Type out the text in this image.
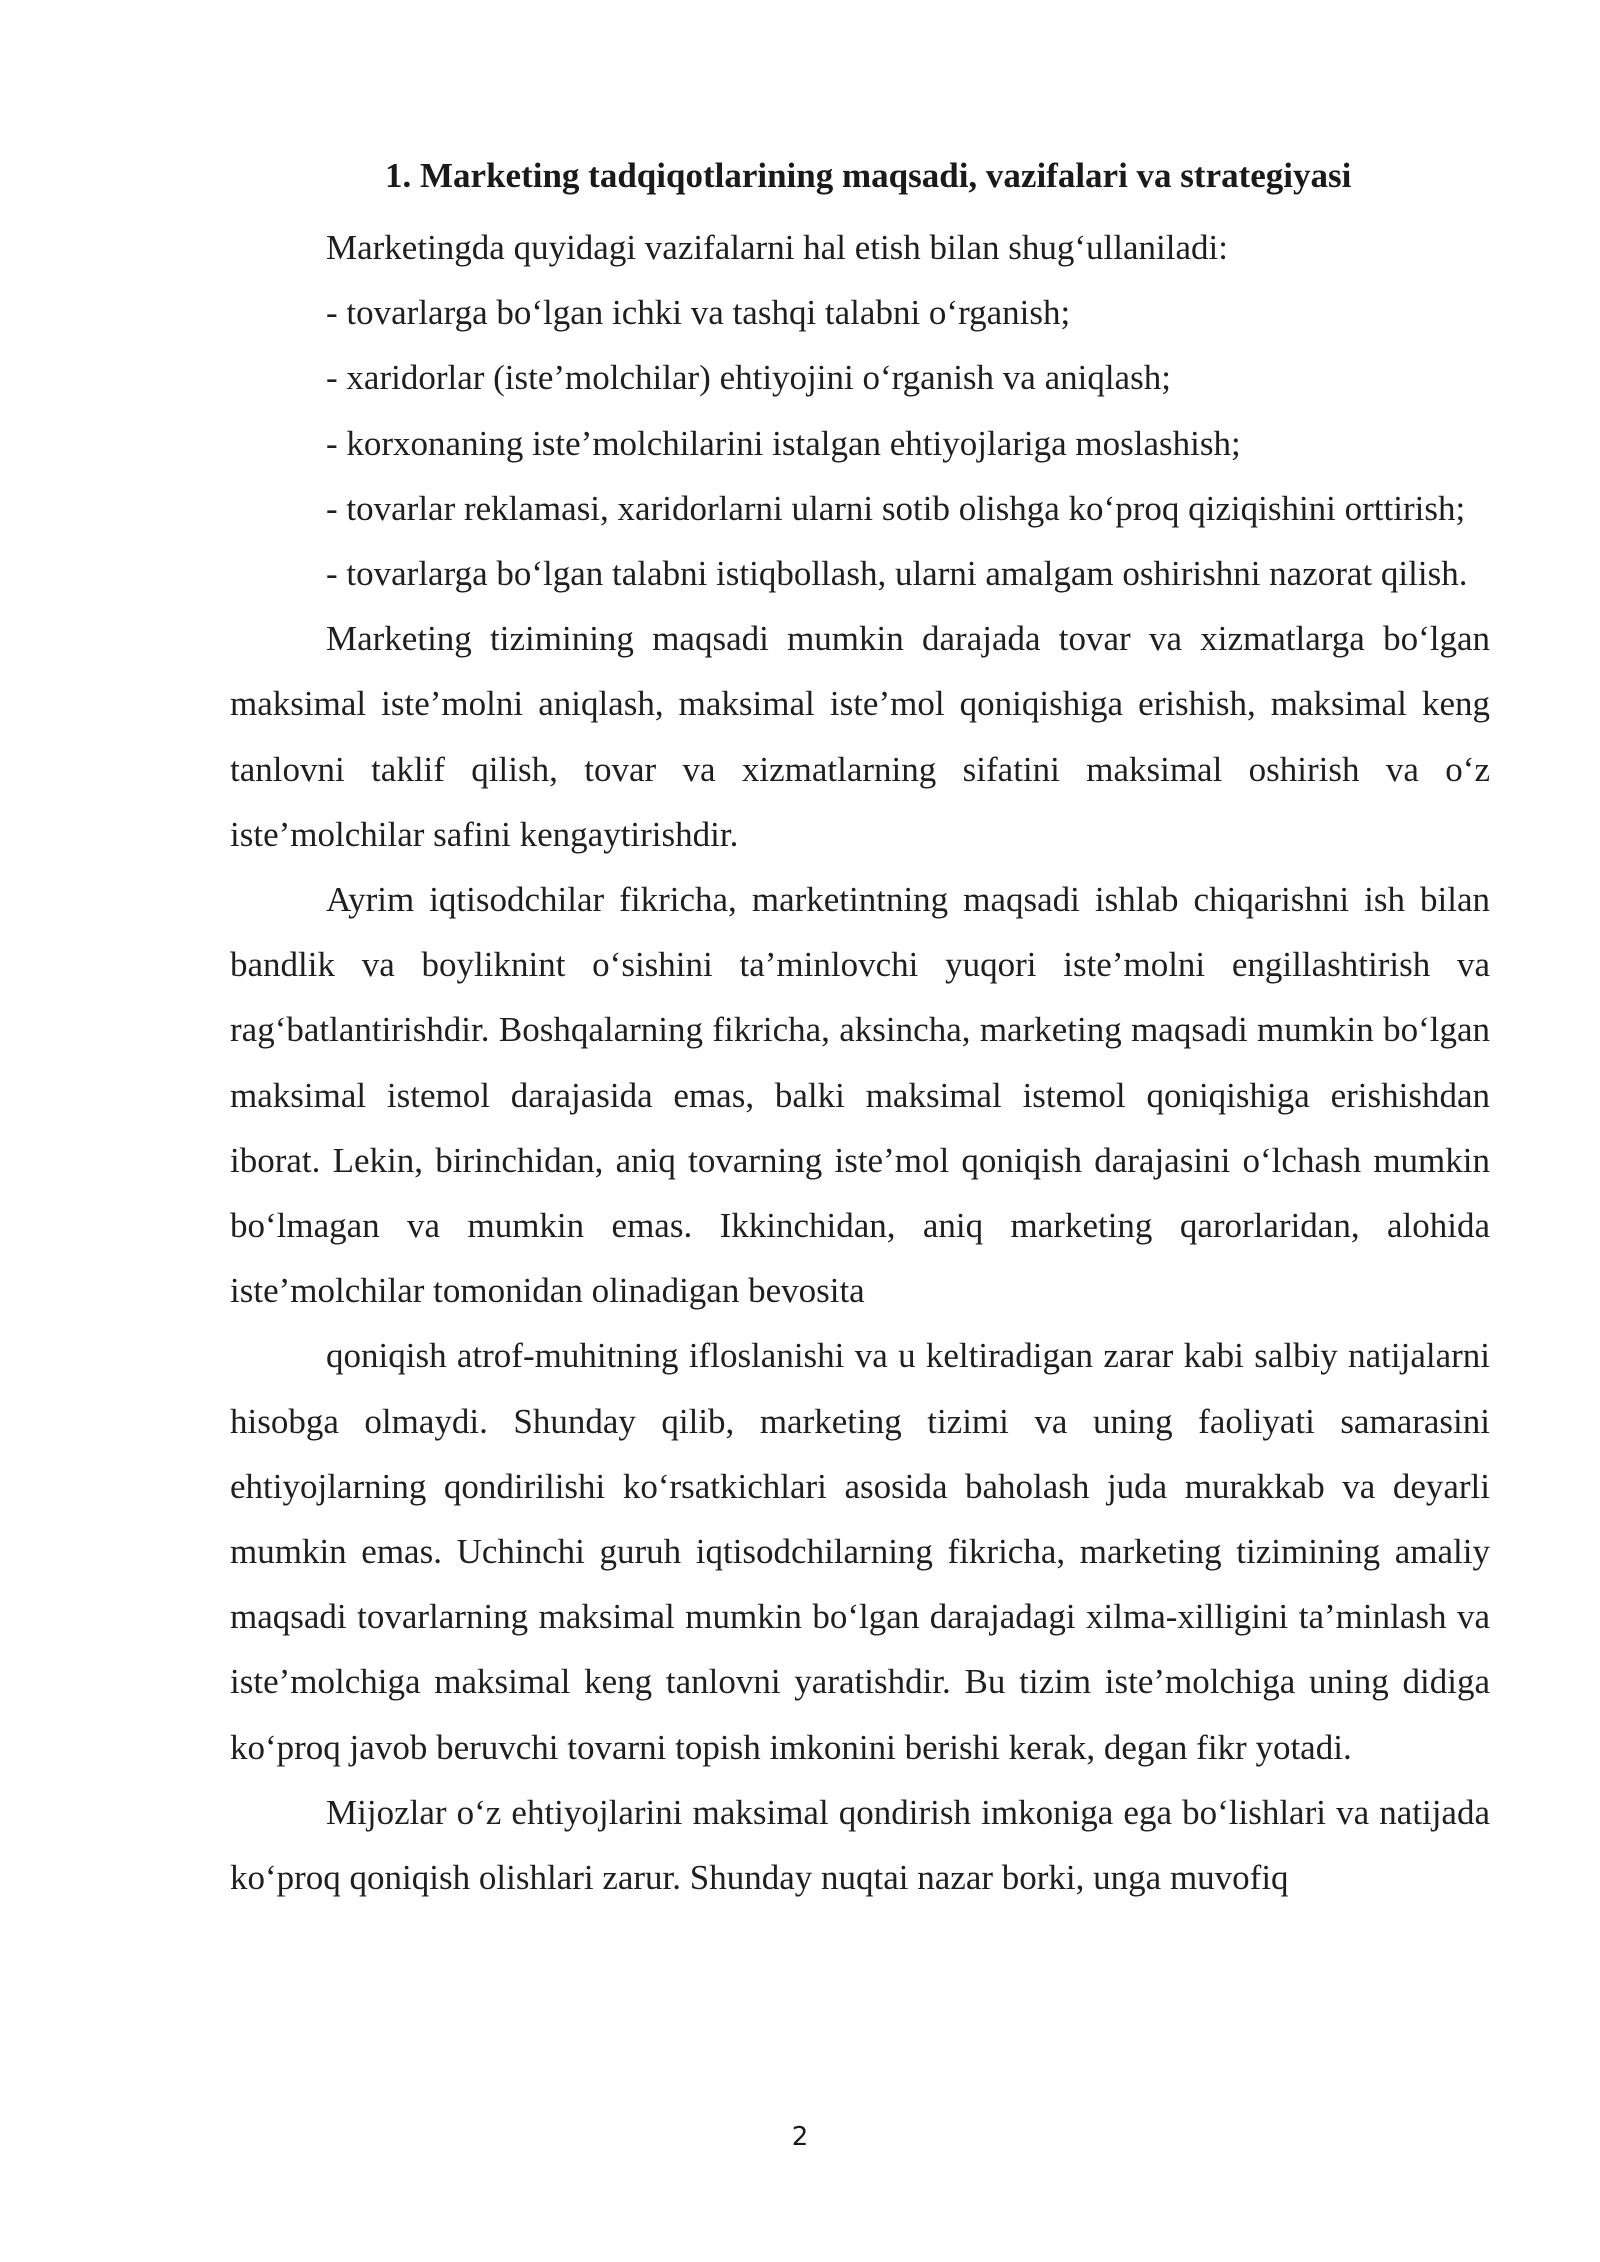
1. Marketing tadqiqotlarining maqsadi, vazifalari va strategiyasi

Marketingda quyidagi vazifalarni hal etish bilan shug‘ullaniladi:

- tovarlarga bo‘lgan ichki va tashqi talabni o‘rganish;

- xaridorlar (iste’molchilar) ehtiyojini o‘rganish va aniqlash;

- korxonaning iste’molchilarini istalgan ehtiyojlariga moslashish;

- tovarlar reklamasi, xaridorlarni ularni sotib olishga ko‘proq qiziqishini orttirish;

- tovarlarga bo‘lgan talabni istiqbollash, ularni amalgam oshirishni nazorat qilish.

Marketing tizimining maqsadi mumkin darajada tovar va xizmatlarga bo‘lgan maksimal iste’molni aniqlash, maksimal iste’mol qoniqishiga erishish, maksimal keng tanlovni taklif qilish, tovar va xizmatlarning sifatini maksimal oshirish va o‘z iste’molchilar safini kengaytirishdir.

Ayrim iqtisodchilar fikricha, marketintning maqsadi ishlab chiqarishni ish bilan bandlik va boyliknint o‘sishini ta’minlovchi yuqori iste’molni engillashtirish va rag‘batlantirishdir. Boshqalarning fikricha, aksincha, marketing maqsadi mumkin bo‘lgan maksimal istemol darajasida emas, balki maksimal istemol qoniqishiga erishishdan iborat. Lekin, birinchidan, aniq tovarning iste’mol qoniqish darajasini o‘lchash mumkin bo‘lmagan va mumkin emas. Ikkinchidan, aniq marketing qarorlaridan, alohida iste’molchilar tomonidan olinadigan bevosita

qoniqish atrof-muhitning ifloslanishi va u keltiradigan zarar kabi salbiy natijalarni hisobga olmaydi. Shunday qilib, marketing tizimi va uning faoliyati samarasini ehtiyojlarning qondirilishi ko‘rsatkichlari asosida baholash juda murakkab va deyarli mumkin emas. Uchinchi guruh iqtisodchilarning fikricha, marketing tizimining amaliy maqsadi tovarlarning maksimal mumkin bo‘lgan darajadagi xilma-xilligini ta’minlash va iste’molchiga maksimal keng tanlovni yaratishdir. Bu tizim iste’molchiga uning didiga ko‘proq javob beruvchi tovarni topish imkonini berishi kerak, degan fikr yotadi.

Mijozlar o‘z ehtiyojlarini maksimal qondirish imkoniga ega bo‘lishlari va natijada ko‘proq qoniqish olishlari zarur. Shunday nuqtai nazar borki, unga muvofiq

2
